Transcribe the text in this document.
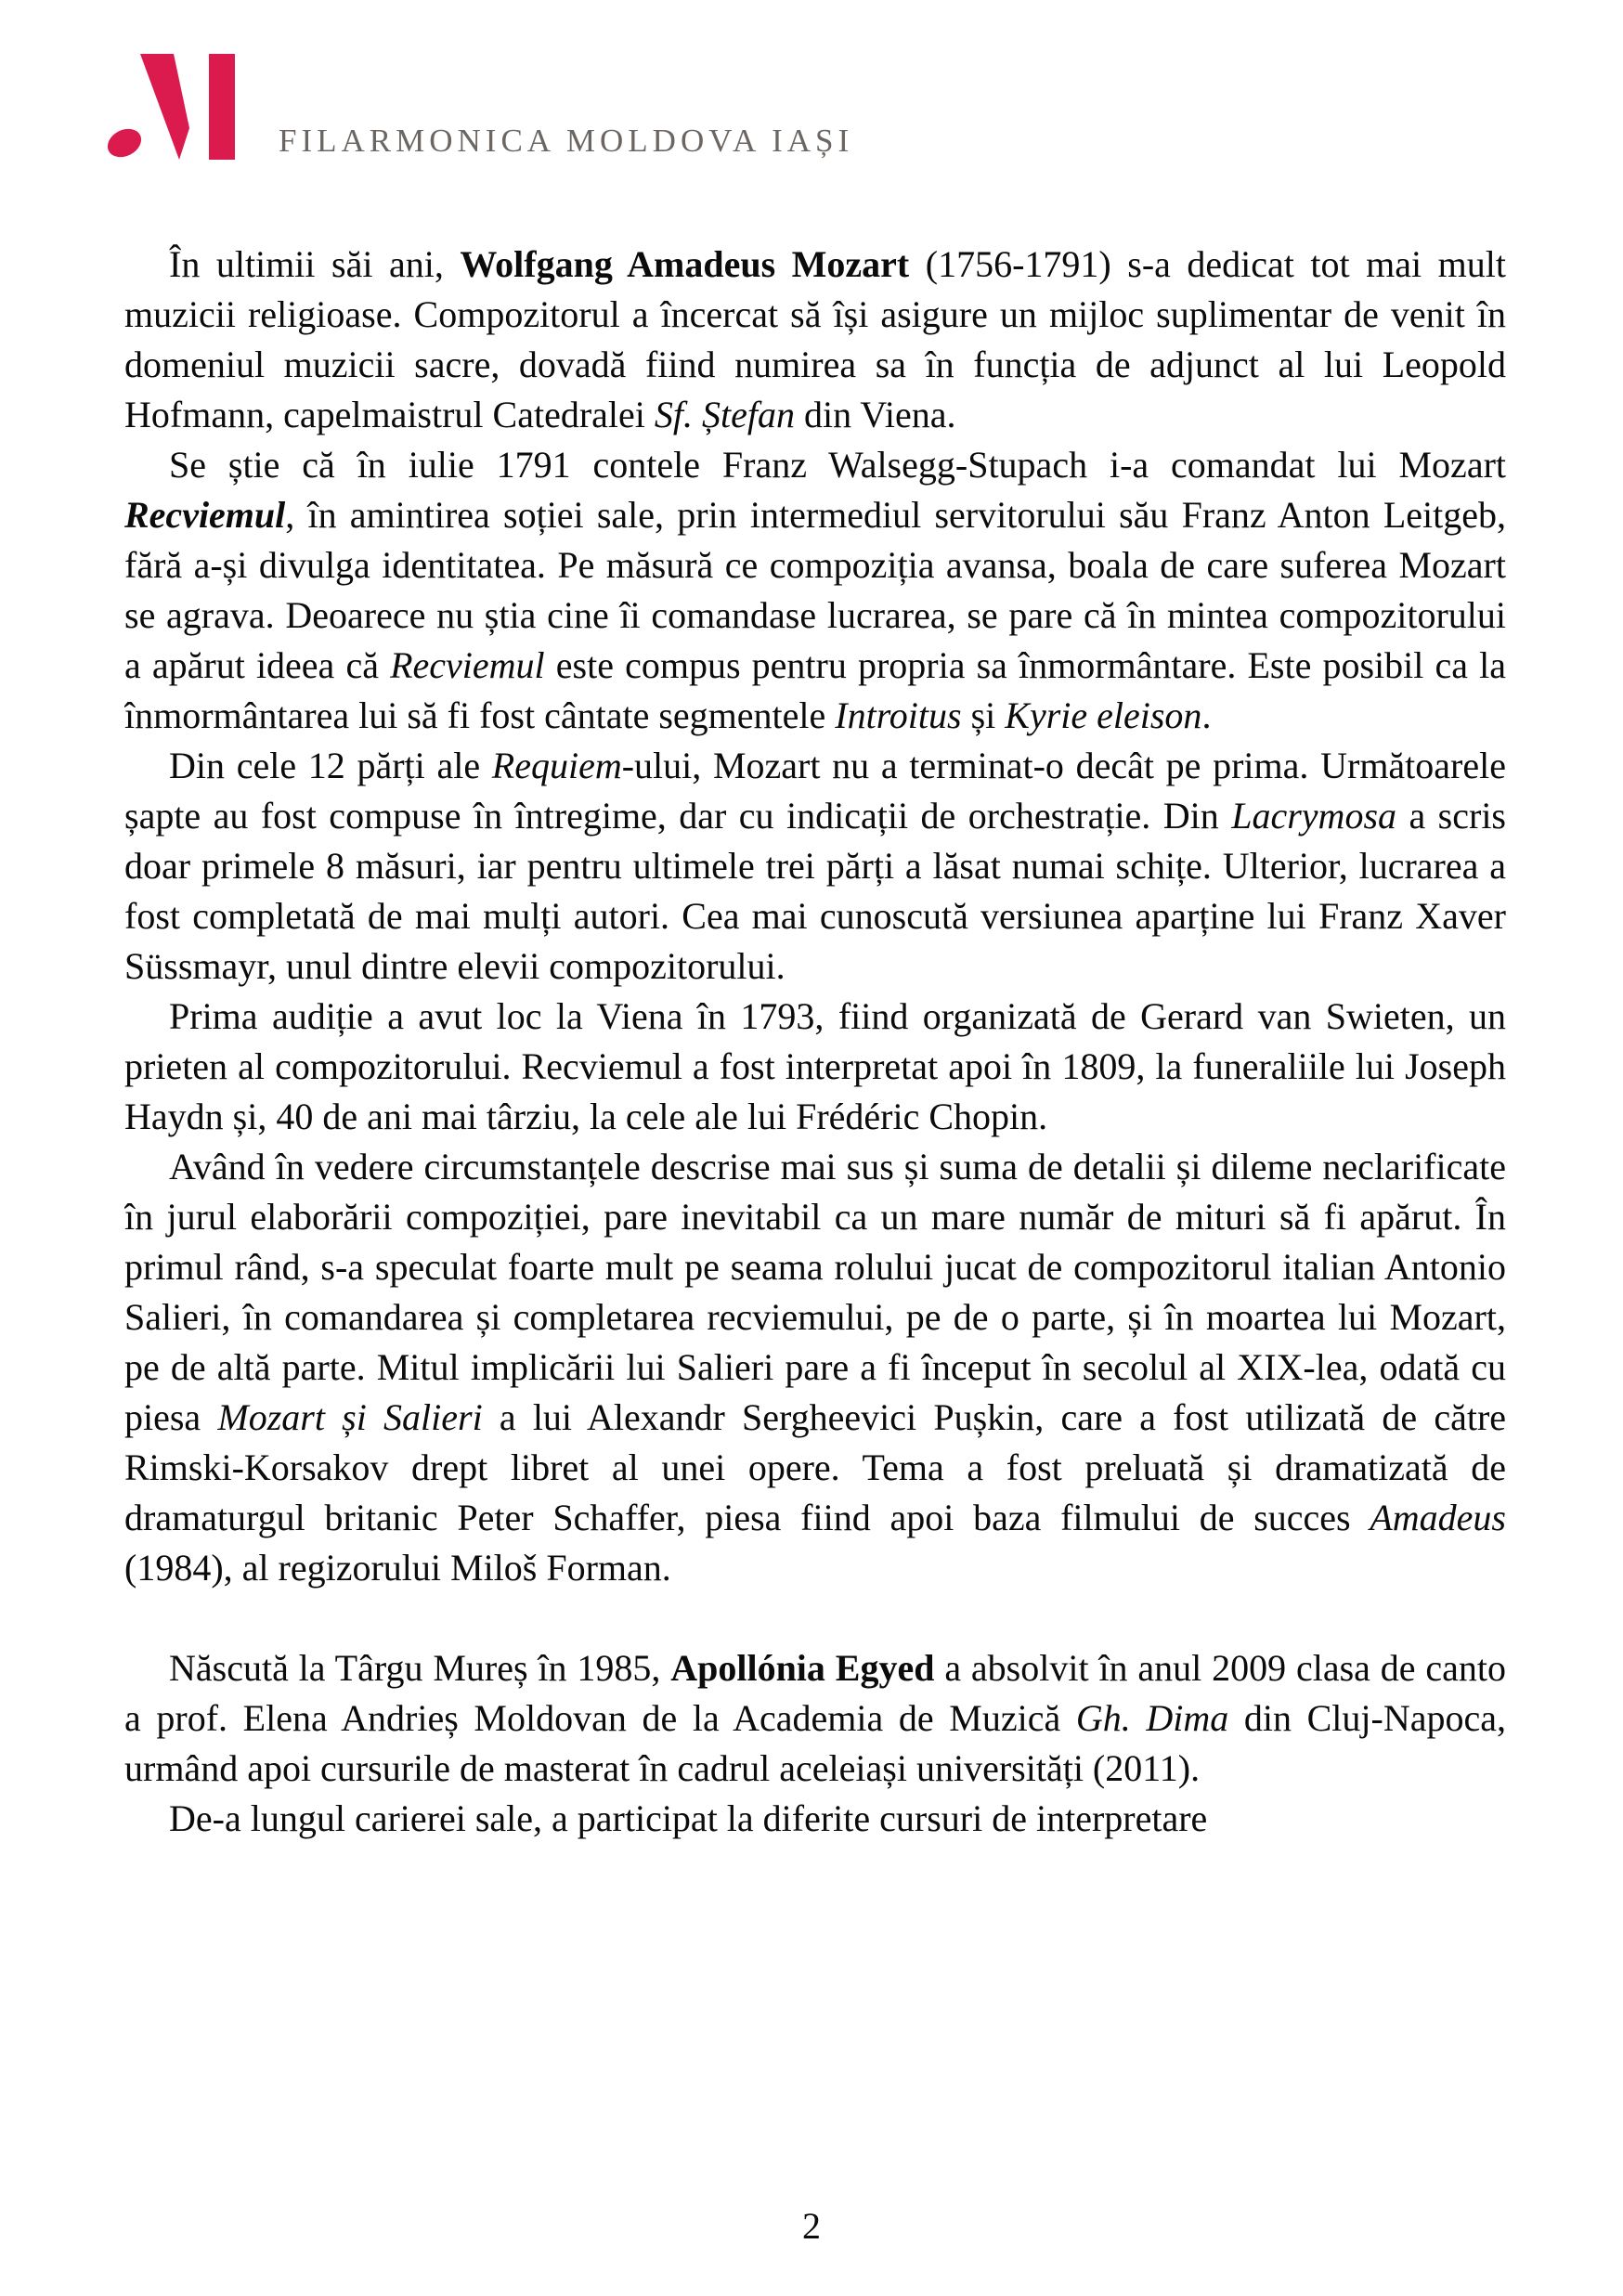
FILARMONICA MOLDOVA IAȘI

În ultimii săi ani, Wolfgang Amadeus Mozart (1756-1791) s-a dedicat tot mai mult muzicii religioase. Compozitorul a încercat să își asigure un mijloc suplimentar de venit în domeniul muzicii sacre, dovadă fiind numirea sa în funcția de adjunct al lui Leopold Hofmann, capelmaistrul Catedralei Sf. Ștefan din Viena.

Se știe că în iulie 1791 contele Franz Walsegg-Stupach i-a comandat lui Mozart Recviemul, în amintirea soției sale, prin intermediul servitorului său Franz Anton Leitgeb, fără a-și divulga identitatea. Pe măsură ce compoziția avansa, boala de care suferea Mozart se agrava. Deoarece nu știa cine îi comandase lucrarea, se pare că în mintea compozitorului a apărut ideea că Recviemul este compus pentru propria sa înmormântare. Este posibil ca la înmormântarea lui să fi fost cântate segmentele Introitus și Kyrie eleison.

Din cele 12 părți ale Requiem-ului, Mozart nu a terminat-o decât pe prima. Următoarele șapte au fost compuse în întregime, dar cu indicații de orchestrație. Din Lacrymosa a scris doar primele 8 măsuri, iar pentru ultimele trei părți a lăsat numai schițe. Ulterior, lucrarea a fost completată de mai mulți autori. Cea mai cunoscută versiunea aparține lui Franz Xaver Süssmayr, unul dintre elevii compozitorului.

Prima audiție a avut loc la Viena în 1793, fiind organizată de Gerard van Swieten, un prieten al compozitorului. Recviemul a fost interpretat apoi în 1809, la funeraliile lui Joseph Haydn și, 40 de ani mai târziu, la cele ale lui Frédéric Chopin.

Având în vedere circumstanțele descrise mai sus și suma de detalii și dileme neclarificate în jurul elaborării compoziției, pare inevitabil ca un mare număr de mituri să fi apărut. În primul rând, s-a speculat foarte mult pe seama rolului jucat de compozitorul italian Antonio Salieri, în comandarea și completarea recviemului, pe de o parte, și în moartea lui Mozart, pe de altă parte. Mitul implicării lui Salieri pare a fi început în secolul al XIX-lea, odată cu piesa Mozart și Salieri a lui Alexandr Sergheevici Pușkin, care a fost utilizată de către Rimski-Korsakov drept libret al unei opere. Tema a fost preluată și dramatizată de dramaturgul britanic Peter Schaffer, piesa fiind apoi baza filmului de succes Amadeus (1984), al regizorului Miloš Forman.

Născută la Târgu Mureș în 1985, Apollónia Egyed a absolvit în anul 2009 clasa de canto a prof. Elena Andrieș Moldovan de la Academia de Muzică Gh. Dima din Cluj-Napoca, urmând apoi cursurile de masterat în cadrul aceleiași universități (2011).

De-a lungul carierei sale, a participat la diferite cursuri de interpretare

2
